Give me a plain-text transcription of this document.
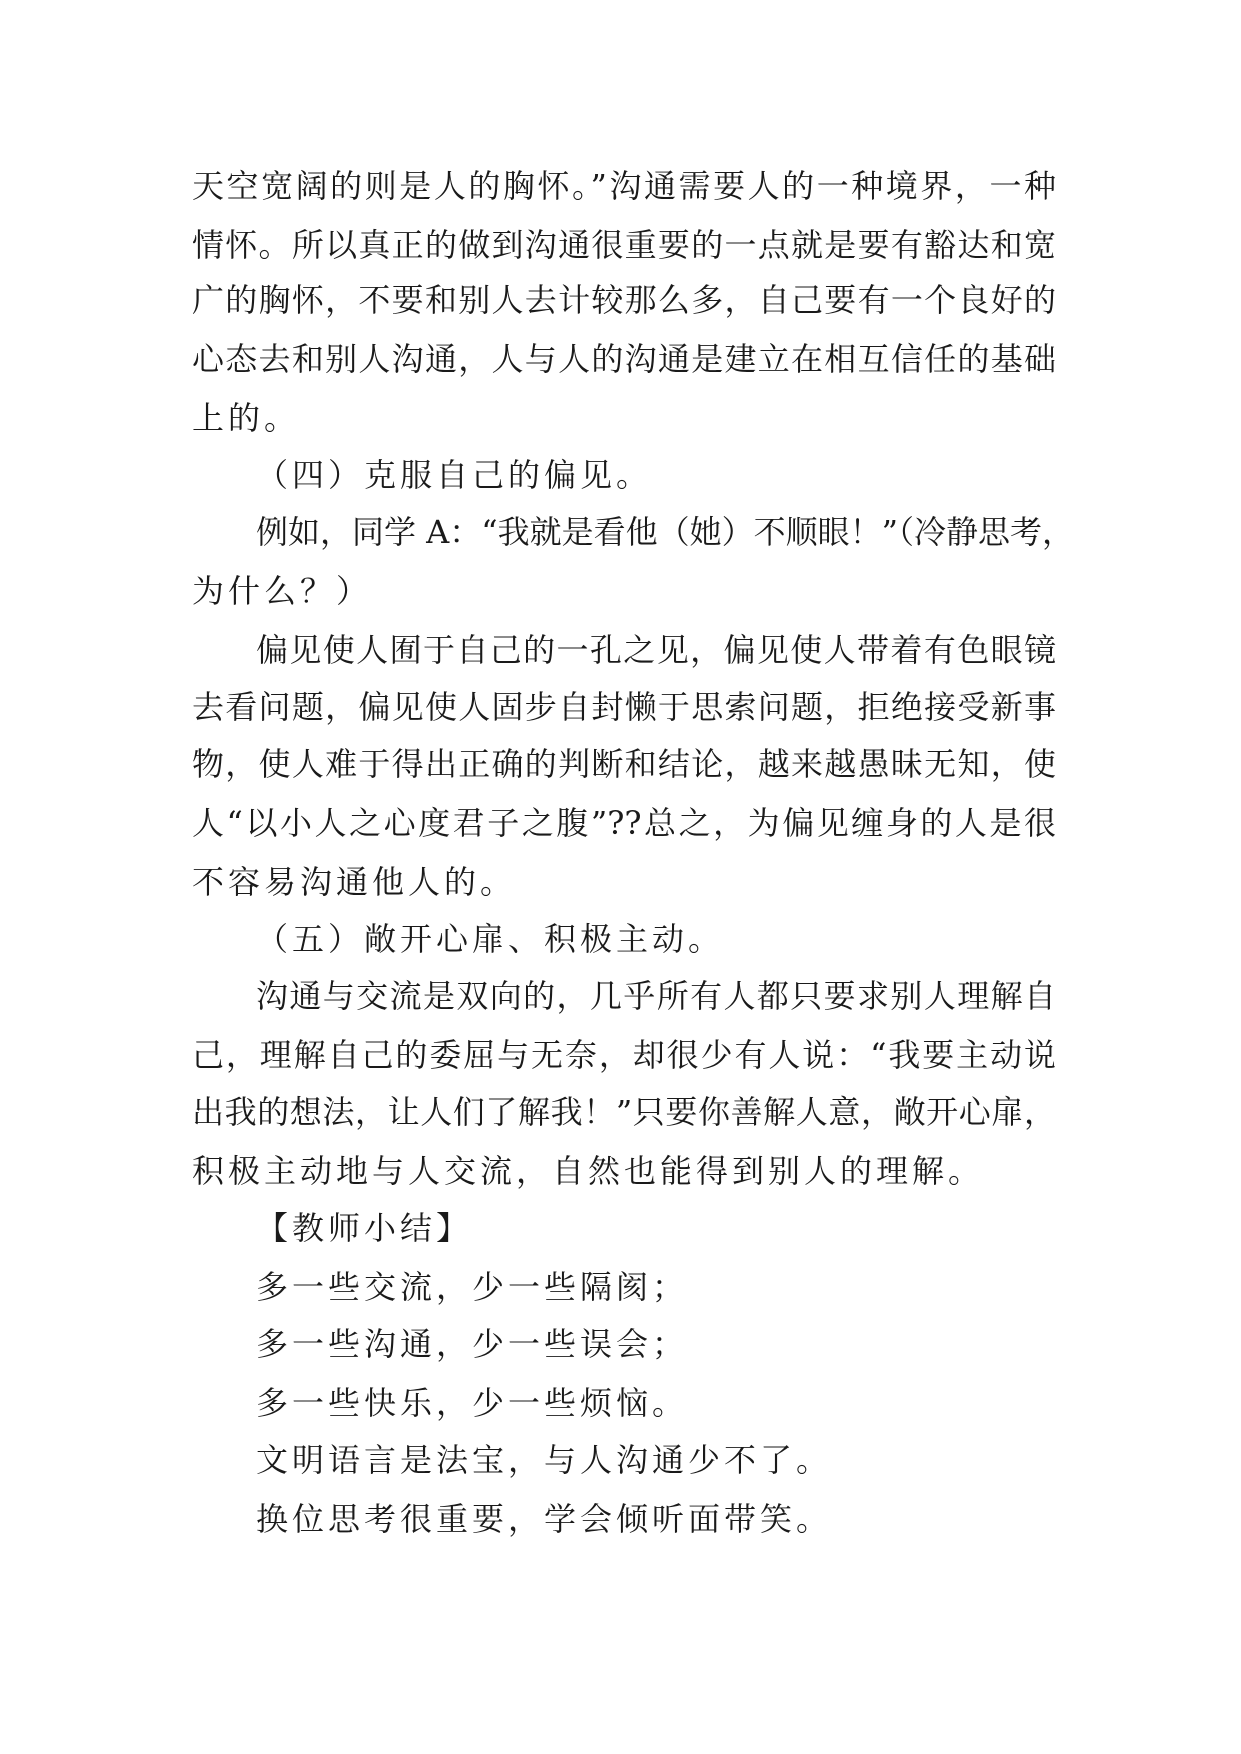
天空宽阔的则是人的胸怀。”沟通需要人的一种境界，一种
情怀。所以真正的做到沟通很重要的一点就是要有豁达和宽
广的胸怀，不要和别人去计较那么多，自己要有一个良好的
心态去和别人沟通，人与人的沟通是建立在相互信任的基础
上的。
（四）克服自己的偏见。
例如，同学 A：“我就是看他（她）不顺眼！”（冷静思考，
为什么？）
偏见使人囿于自己的一孔之见，偏见使人带着有色眼镜
去看问题，偏见使人固步自封懒于思索问题，拒绝接受新事
物，使人难于得出正确的判断和结论，越来越愚昧无知，使
人“以小人之心度君子之腹”??总之，为偏见缠身的人是很
不容易沟通他人的。
（五）敞开心扉、积极主动。
沟通与交流是双向的，几乎所有人都只要求别人理解自
己，理解自己的委屈与无奈，却很少有人说：“我要主动说
出我的想法，让人们了解我！”只要你善解人意，敞开心扉，
积极主动地与人交流，自然也能得到别人的理解。
【教师小结】
多一些交流，少一些隔阂；
多一些沟通，少一些误会；
多一些快乐，少一些烦恼。
文明语言是法宝，与人沟通少不了。
换位思考很重要，学会倾听面带笑。
